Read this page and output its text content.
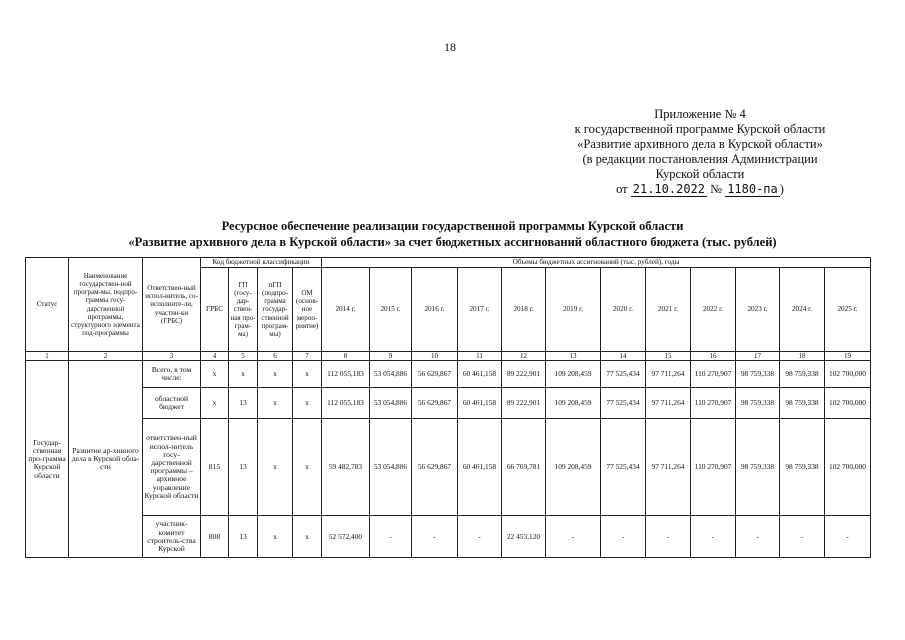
18
Приложение № 4
к государственной программе Курской области
«Развитие архивного дела в Курской области»
(в редакции постановления Администрации
Курской области
от 21.10.2022 № 1180-па )
Ресурсное обеспечение реализации государственной программы Курской области
«Развитие архивного дела в Курской области» за счет бюджетных ассигнований областного бюджета (тыс. рублей)
Статус	Наименование государствен-ной програм-мы, подпро-граммы госу-дарственной программы, структурного элемента под-программы	Ответствен-ный испол-нитель, со-исполните-ли, участни-ки (ГРБС)	Код бюджетной классификации				Объемы бюджетных ассигнований (тыс. рублей), годы											
			ГРБС	ГП (госу-дар-ствен-ная про-грам-ма)	пГП (подпро-грамма государ-ственной програм-мы)	ОМ (основ-ное мероп-риятие)	2014 г.	2015 г.	2016 г.	2017 г.	2018 г.	2019 г.	2020 г.	2021 г.	2022 г.	2023 г.	2024 г.	2025 г.
1	2	3	4	5	6	7	8	9	10	11	12	13	14	15	16	17	18	19
Государ-ственная про-грамма Курской области	Развитие ар-хивного дела в Курской обла-сти	Всего, в том числе:	х	х	х	х	112 055,183	53 054,886	56 629,867	60 461,158	89 222,901	109 208,459	77 525,434	97 711,264	110 270,907	98 759,338	98 759,338	102 700,000
		областной бюджет	х	13	х	х	112 055,183	53 054,886	56 629,867	60 461,158	89 222,901	109 208,459	77 525,434	97 711,264	110 270,907	98 759,338	98 759,338	102 700,000
		ответствен-ный испол-нитель госу-дарственной программы – архивное управление Курской области	815	13	х	х	59 482,783	53 054,886	56 629,867	60 461,158	66 769,781	109 208,459	77 525,434	97 711,264	110 270,907	98 759,338	98 759,338	102 700,000
		участник-комитет строитель-ства Курской	808	13	х	х	52 572,400	-	-	-	22 453,120	-	-	-	-	-	-	-
